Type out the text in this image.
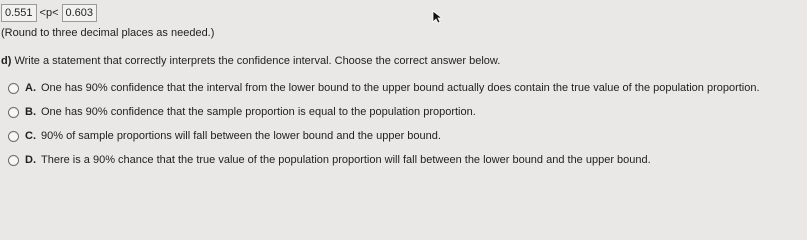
0.551 <p< 0.603
(Round to three decimal places as needed.)
d) Write a statement that correctly interprets the confidence interval. Choose the correct answer below.
A. One has 90% confidence that the interval from the lower bound to the upper bound actually does contain the true value of the population proportion.
B. One has 90% confidence that the sample proportion is equal to the population proportion.
C. 90% of sample proportions will fall between the lower bound and the upper bound.
D. There is a 90% chance that the true value of the population proportion will fall between the lower bound and the upper bound.
